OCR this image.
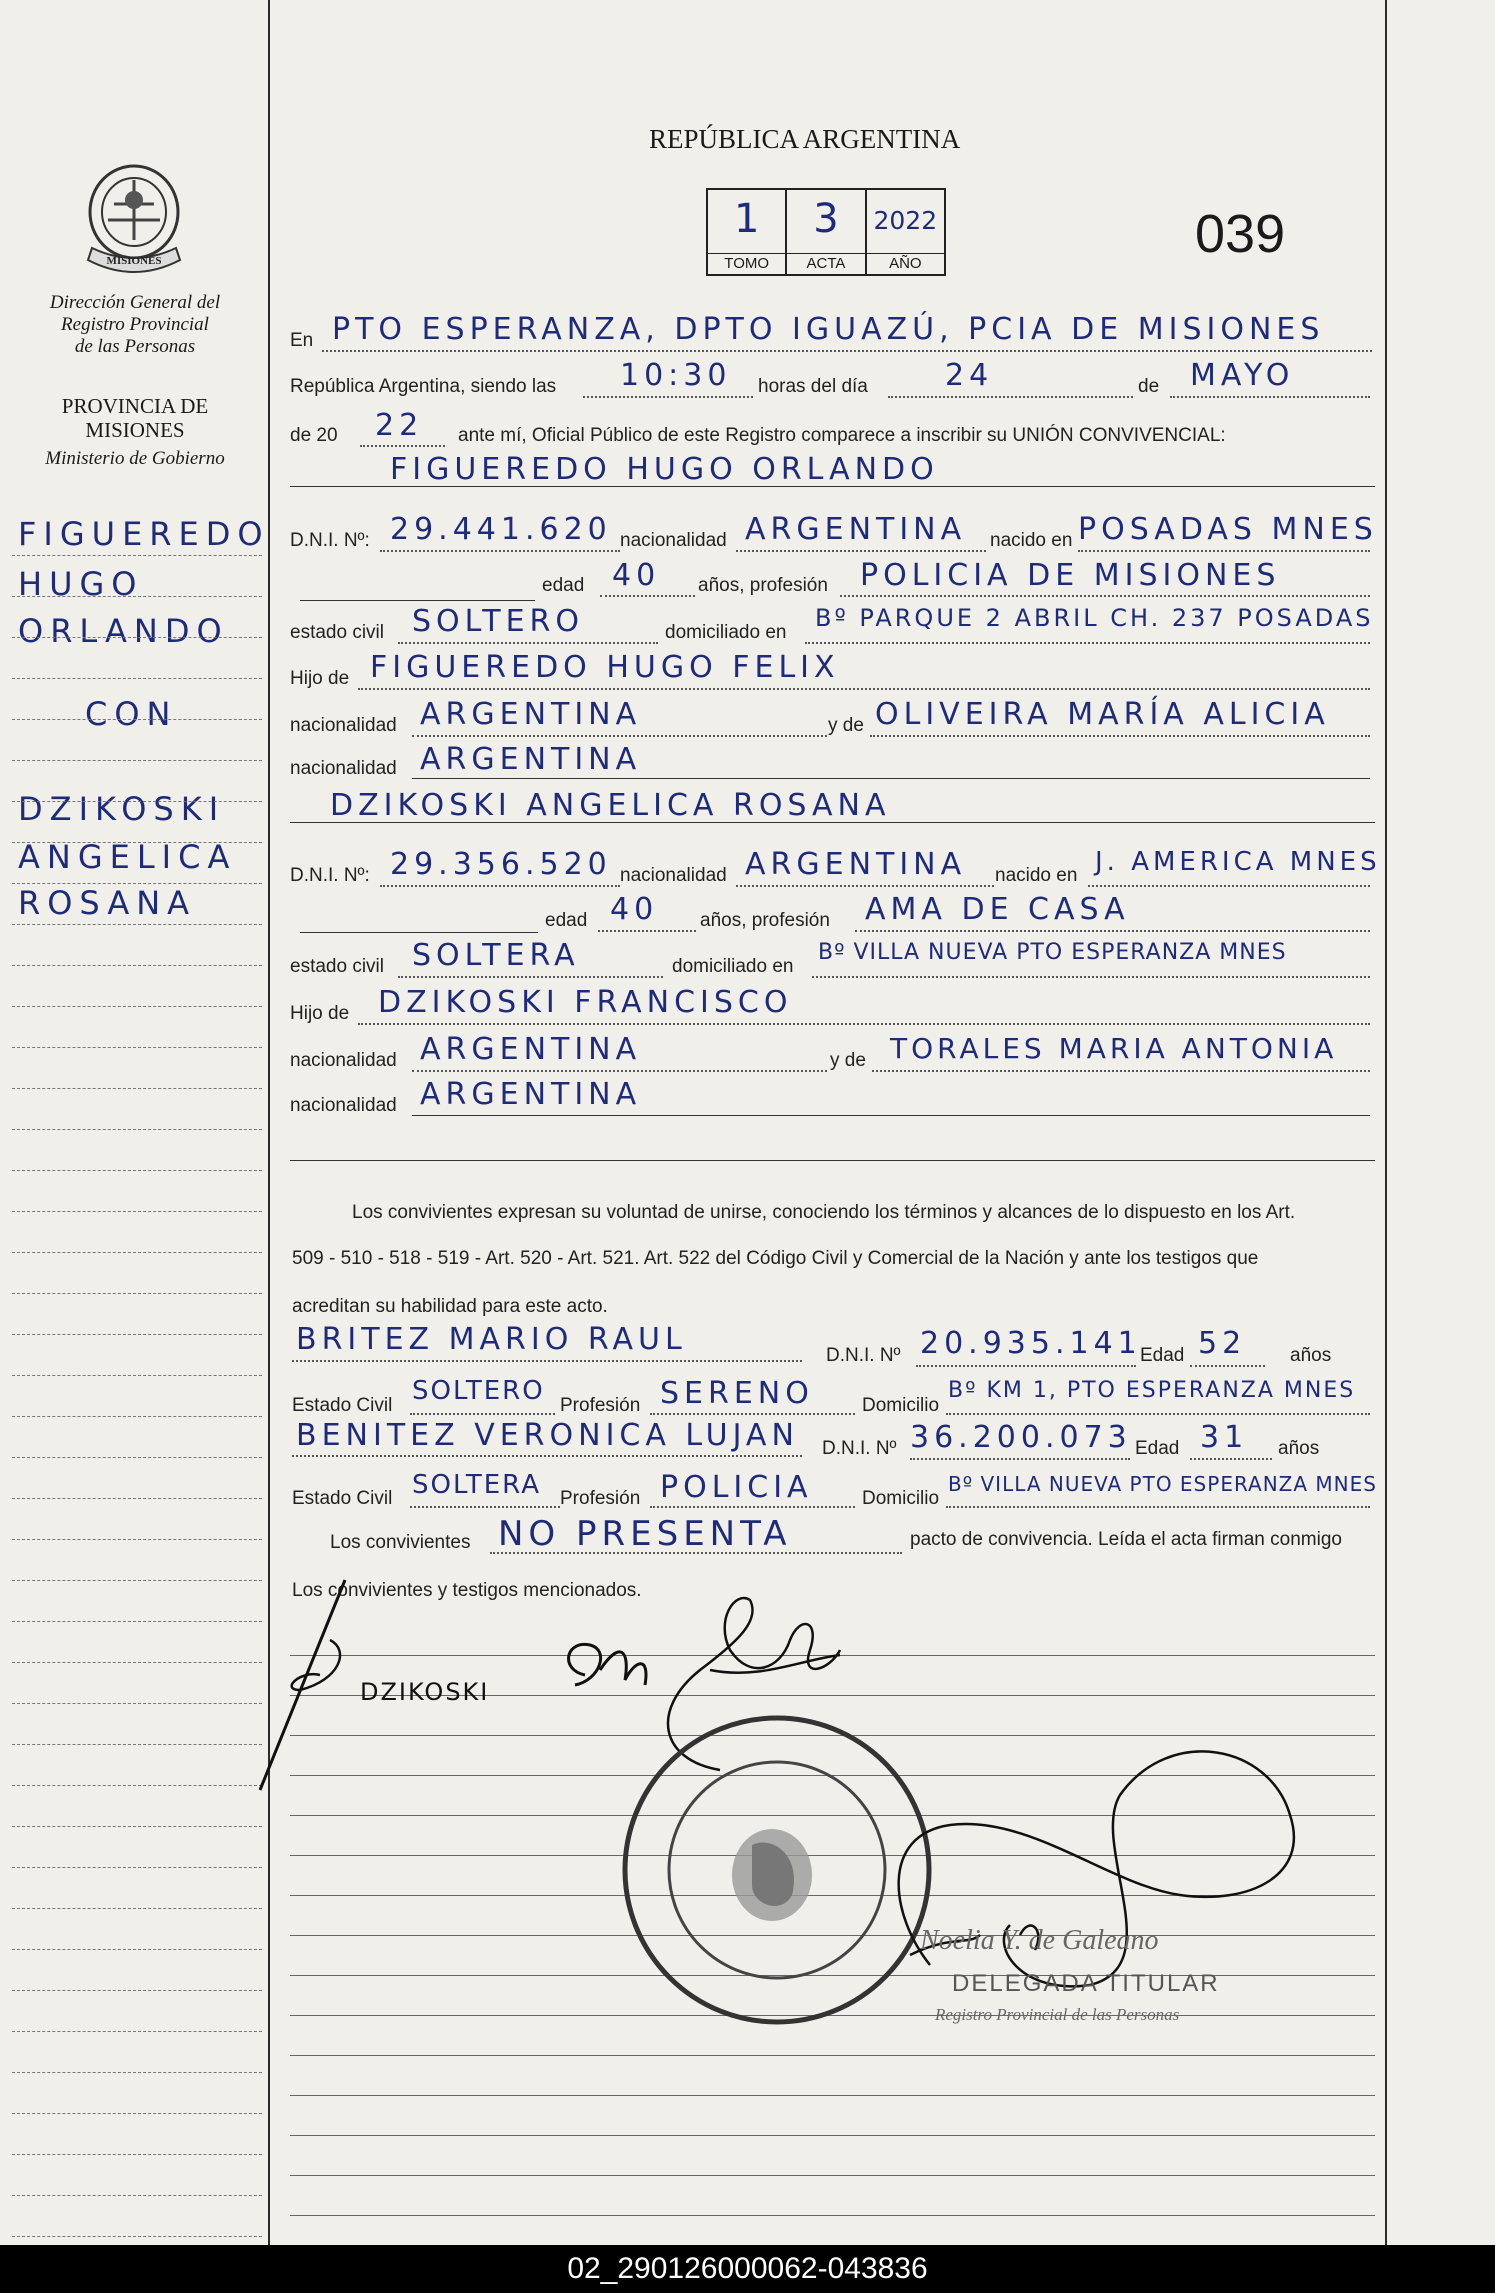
MISIONES
Dirección General del
Registro Provincial
de las Personas
PROVINCIA DE
MISIONES
Ministerio de Gobierno
FIGUEREDO
HUGO
ORLANDO
CON
DZIKOSKI
ANGELICA
ROSANA
REPÚBLICA ARGENTINA
1
TOMO
3
ACTA
2022
AÑO	039
En PTO ESPERANZA, DPTO IGUAZÚ, PCIA DE MISIONES
República Argentina, siendo las 10:30 horas del día	24	de MAYO
de 20 22 ante mí, Oficial Público de este Registro comparece a inscribir su UNIÓN CONVIVENCIAL:
FIGUEREDO HUGO ORLANDO
D.N.I. Nº: 29.441.620 nacionalidad ARGENTINA nacido en POSADAS MNES
edad 40 años, profesión POLICIA DE MISIONES
estado civil SOLTERO	domiciliado en
Bº PARQUE 2 ABRIL CH. 237 POSADAS
Hijo de FIGUEREDO HUGO FELIX
nacionalidad ARGENTINA	y de OLIVEIRA MARÍA ALICIA
nacionalidad ARGENTINA
DZIKOSKI ANGELICA ROSANA
D.N.I. Nº: 29.356.520 nacionalidad ARGENTINA nacido en J. AMERICA MNES
edad 40 años, profesión AMA DE CASA
estado civil SOLTERA	domiciliado en
Bº VILLA NUEVA PTO ESPERANZA MNES
Hijo de DZIKOSKI FRANCISCO
nacionalidad ARGENTINA	y de TORALES MARIA ANTONIA
nacionalidad ARGENTINA
Los convivientes expresan su voluntad de unirse, conociendo los términos y alcances de lo dispuesto en los Art.
509 - 510 - 518 - 519 - Art. 520 - Art. 521. Art. 522 del Código Civil y Comercial de la Nación y ante los testigos que
acreditan su habilidad para este acto.
BRITEZ MARIO RAUL	D.N.I. Nº 20.935.141
Edad 52 años
Estado Civil SOLTERO Profesión SERENO	Domicilio
Bº KM 1, PTO ESPERANZA MNES
BENITEZ VERONICA LUJAN D.N.I. Nº 36.200.073 Edad 31 años
Estado Civil SOLTERA Profesión POLICIA	Domicilio
Bº VILLA NUEVA PTO ESPERANZA MNES
Los convivientes NO PRESENTA	pacto de convivencia. Leída el acta firman conmigo
Los convivientes y testigos mencionados.
DZIKOSKI
Noelia Y. de Galeano
DELEGADA TITULAR
Registro Provincial de las Personas
02_290126000062-043836
